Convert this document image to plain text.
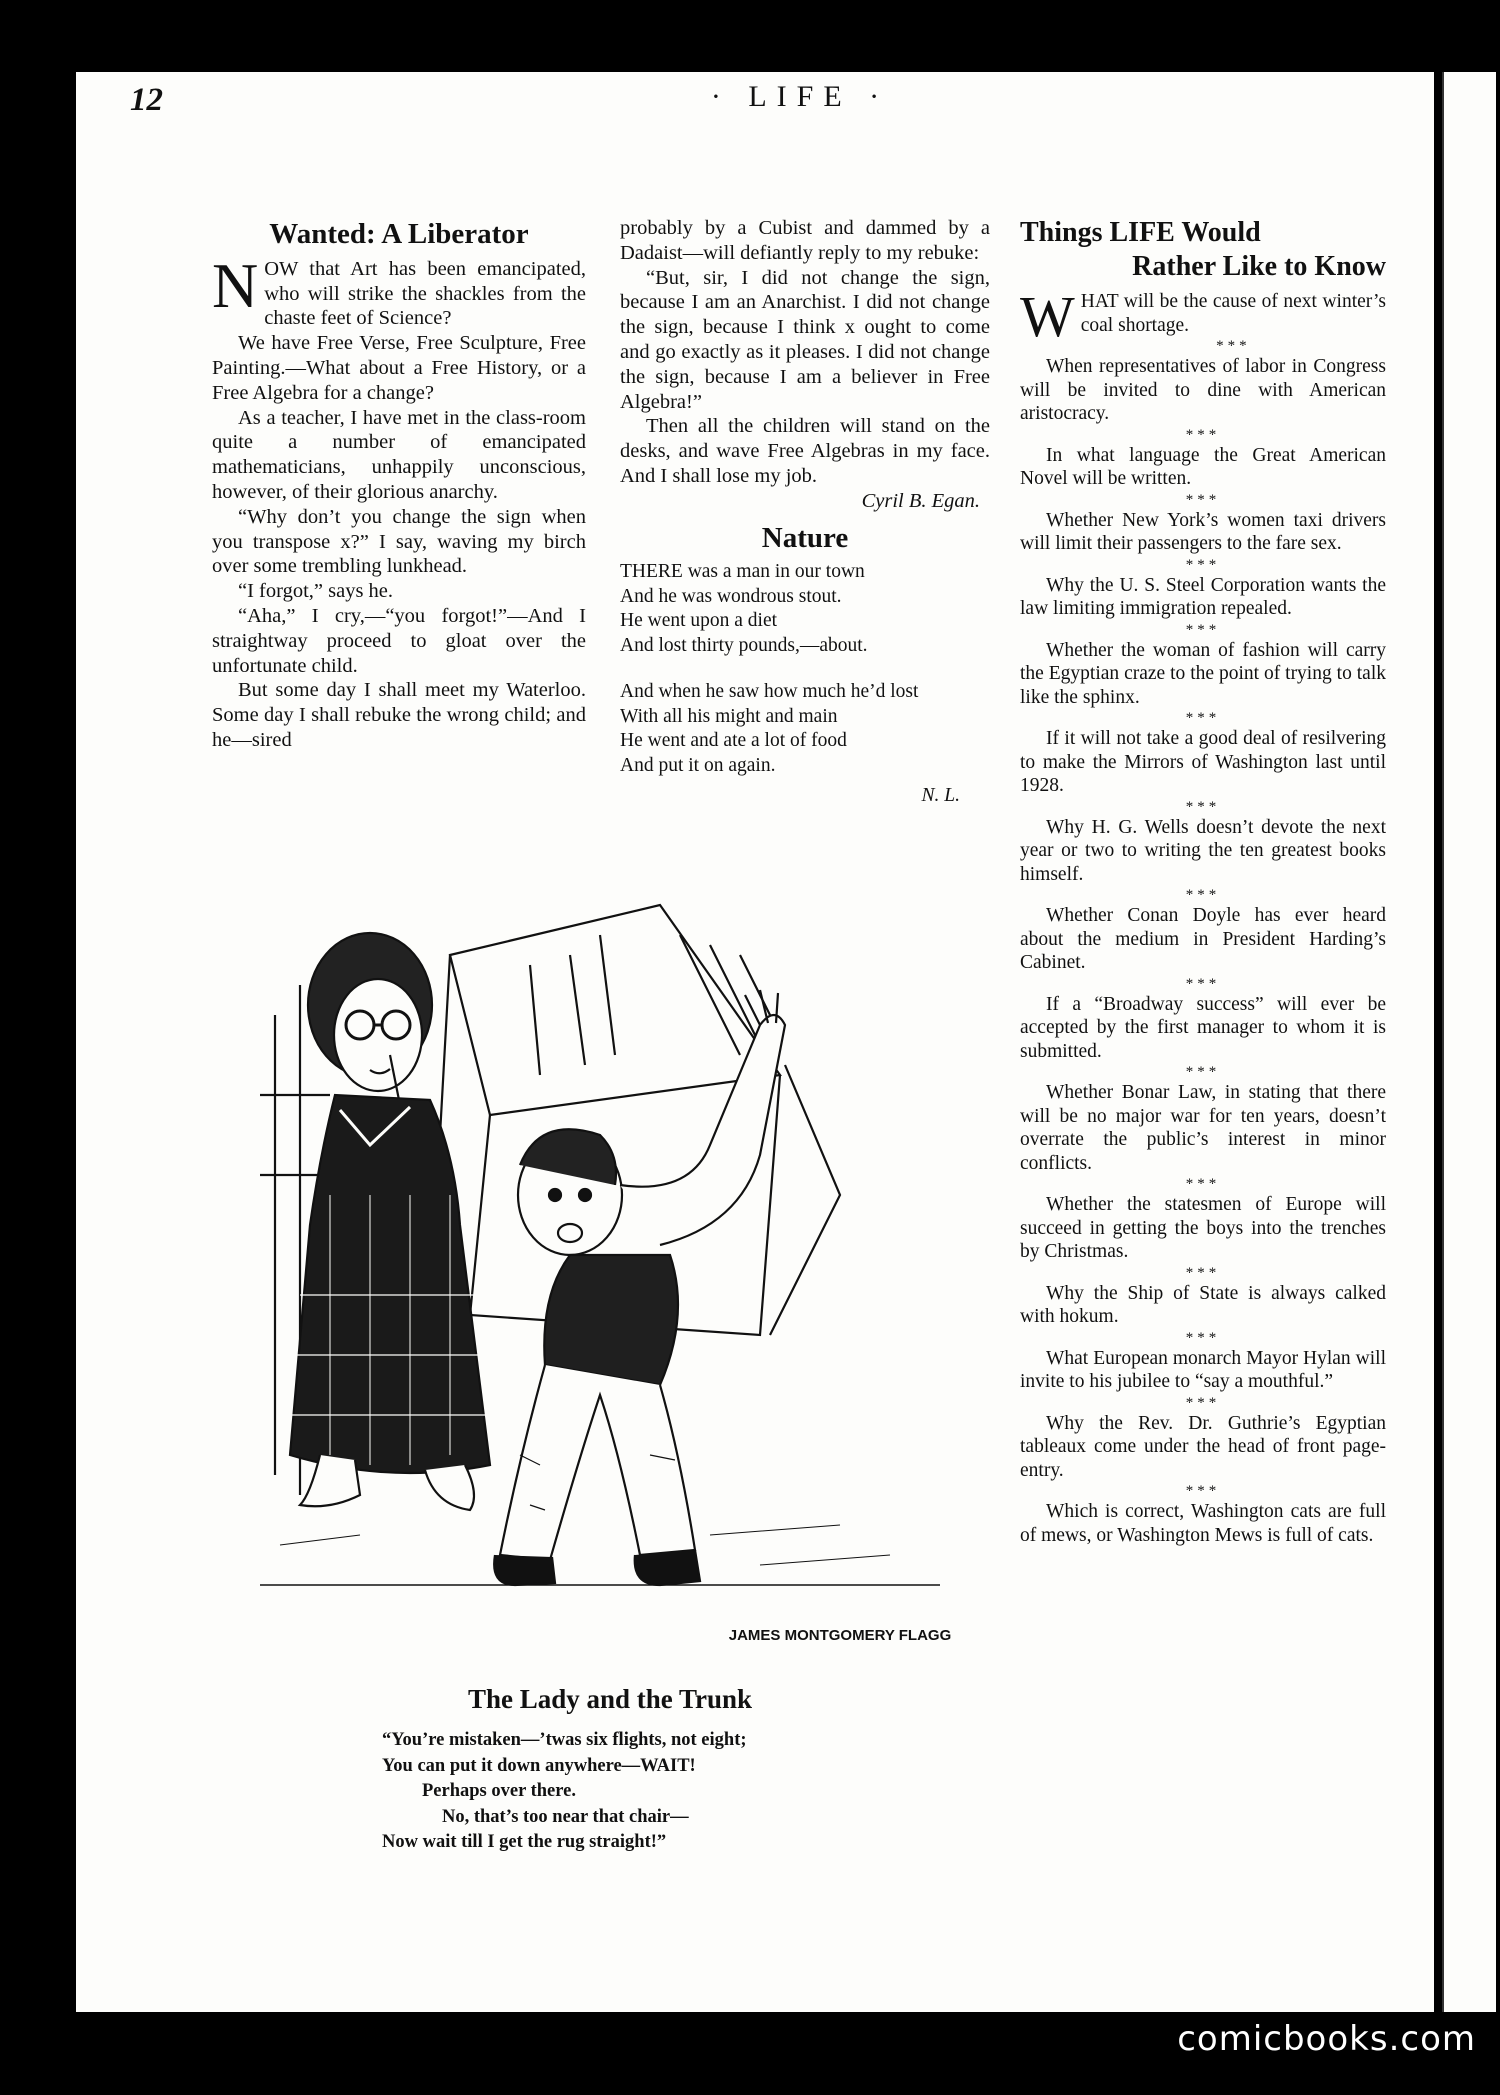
12	· LIFE ·
Wanted: A Liberator

NOW that Art has been emancipated, who will strike the shackles from the chaste feet of Science?

We have Free Verse, Free Sculpture, Free Painting.—What about a Free History, or a Free Algebra for a change?

As a teacher, I have met in the class-room quite a number of emancipated mathematicians, unhappily unconscious, however, of their glorious anarchy.

“Why don’t you change the sign when you transpose x?” I say, waving my birch over some trembling lunkhead.

“I forgot,” says he.

“Aha,” I cry,—“you forgot!”—And I straightway proceed to gloat over the unfortunate child.

But some day I shall meet my Waterloo. Some day I shall rebuke the wrong child; and he—sired

probably by a Cubist and dammed by a Dadaist—will defiantly reply to my rebuke:

“But, sir, I did not change the sign, because I am an Anarchist. I did not change the sign, because I think x ought to come and go exactly as it pleases. I did not change the sign, because I am a believer in Free Algebra!”

Then all the children will stand on the desks, and wave Free Algebras in my face. And I shall lose my job.

Cyril B. Egan.

Nature
THERE was a man in our town
And he was wondrous stout.
He went upon a diet
And lost thirty pounds,—about.
And when he saw how much he’d lost
With all his might and main
He went and ate a lot of food
And put it on again.
N. L.
Things LIFE Would
Rather Like to Know

WHAT will be the cause of next winter’s coal shortage.

***

When representatives of labor in Congress will be invited to dine with American aristocracy.

***

In what language the Great American Novel will be written.

***

Whether New York’s women taxi drivers will limit their passengers to the fare sex.

***

Why the U. S. Steel Corporation wants the law limiting immigration repealed.

***

Whether the woman of fashion will carry the Egyptian craze to the point of trying to talk like the sphinx.

***

If it will not take a good deal of resilvering to make the Mirrors of Washington last until 1928.

***

Why H. G. Wells doesn’t devote the next year or two to writing the ten greatest books himself.

***

Whether Conan Doyle has ever heard about the medium in President Harding’s Cabinet.

***

If a “Broadway success” will ever be accepted by the first manager to whom it is submitted.

***

Whether Bonar Law, in stating that there will be no major war for ten years, doesn’t overrate the public’s interest in minor conflicts.

***

Whether the statesmen of Europe will succeed in getting the boys into the trenches by Christmas.

***

Why the Ship of State is always calked with hokum.

***

What European monarch Mayor Hylan will invite to his jubilee to “say a mouthful.”

***

Why the Rev. Dr. Guthrie’s Egyptian tableaux come under the head of front page-entry.

***

Which is correct, Washington cats are full of mews, or Washington Mews is full of cats.

JAMES MONTGOMERY FLAGG
The Lady and the Trunk
“You’re mistaken—’twas six flights, not eight;
You can put it down anywhere—WAIT!
Perhaps over there.
No, that’s too near that chair—
Now wait till I get the rug straight!”
comicbooks.com
